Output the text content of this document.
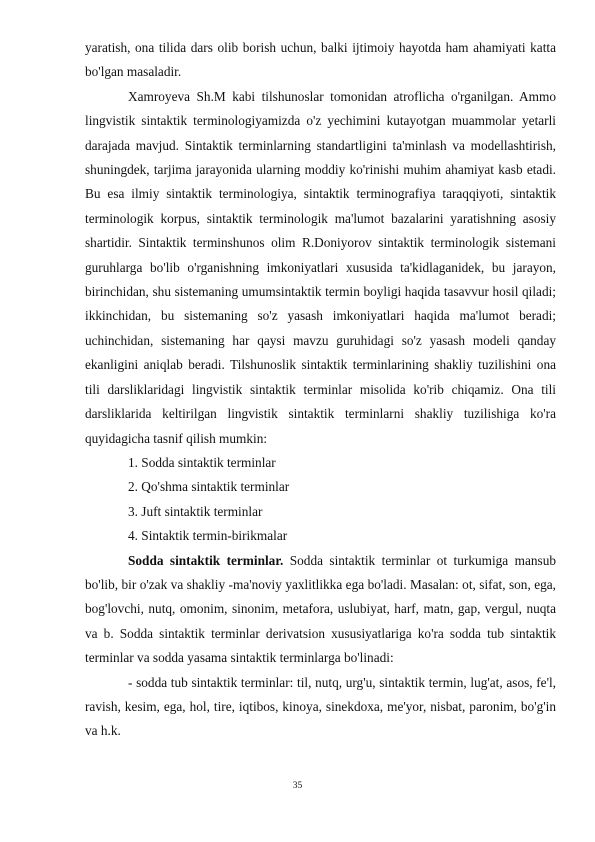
yaratish, ona tilida dars olib borish uchun, balki ijtimoiy hayotda ham ahamiyati katta bo'lgan masaladir.

Xamroyeva Sh.M kabi tilshunoslar tomonidan atroflicha o'rganilgan. Ammo lingvistik sintaktik terminologiyamizda o'z yechimini kutayotgan muammolar yetarli darajada mavjud. Sintaktik terminlarning standartligini ta'minlash va modellashtirish, shuningdek, tarjima jarayonida ularning moddiy ko'rinishi muhim ahamiyat kasb etadi. Bu esa ilmiy sintaktik terminologiya, sintaktik terminografiya taraqqiyoti, sintaktik terminologik korpus, sintaktik terminologik ma'lumot bazalarini yaratishning asosiy shartidir. Sintaktik terminshunos olim R.Doniyorov sintaktik terminologik sistemani guruhlarga bo'lib o'rganishning imkoniyatlari xususida ta'kidlaganidek, bu jarayon, birinchidan, shu sistemaning umumsintaktik termin boyligi haqida tasavvur hosil qiladi; ikkinchidan, bu sistemaning so'z yasash imkoniyatlari haqida ma'lumot beradi; uchinchidan, sistemaning har qaysi mavzu guruhidagi so'z yasash modeli qanday ekanligini aniqlab beradi. Tilshunoslik sintaktik terminlarining shakliy tuzilishini ona tili darsliklaridagi lingvistik sintaktik terminlar misolida ko'rib chiqamiz. Ona tili darsliklarida keltirilgan lingvistik sintaktik terminlarni shakliy tuzilishiga ko'ra quyidagicha tasnif qilish mumkin:

1. Sodda sintaktik terminlar

2. Qo'shma sintaktik terminlar

3. Juft sintaktik terminlar

4. Sintaktik termin-birikmalar

Sodda sintaktik terminlar. Sodda sintaktik terminlar ot turkumiga mansub bo'lib, bir o'zak va shakliy -ma'noviy yaxlitlikka ega bo'ladi. Masalan: ot, sifat, son, ega, bog'lovchi, nutq, omonim, sinonim, metafora, uslubiyat, harf, matn, gap, vergul, nuqta va b. Sodda sintaktik terminlar derivatsion xususiyatlariga ko'ra sodda tub sintaktik terminlar va sodda yasama sintaktik terminlarga bo'linadi:

- sodda tub sintaktik terminlar: til, nutq, urg'u, sintaktik termin, lug'at, asos, fe'l, ravish, kesim, ega, hol, tire, iqtibos, kinoya, sinekdoxa, me'yor, nisbat, paronim, bo'g'in va h.k.

35
